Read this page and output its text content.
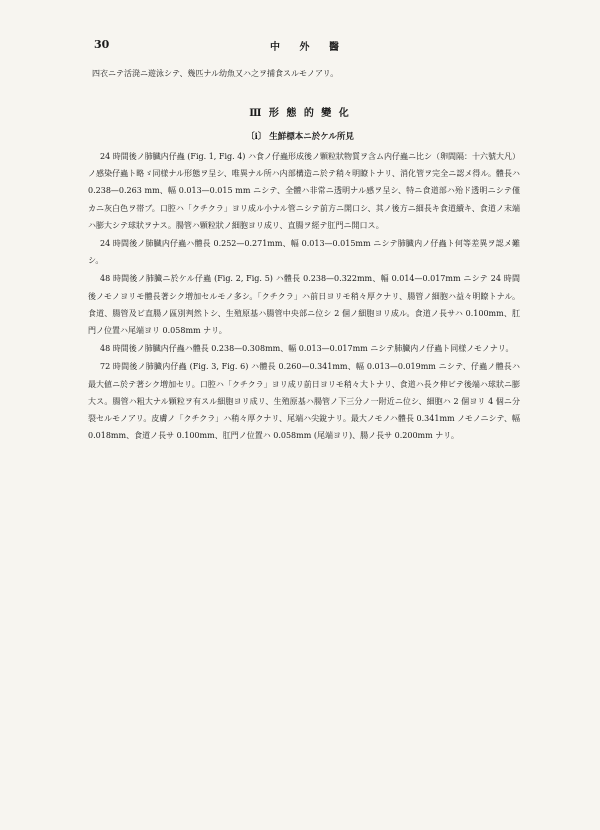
30	中 外 醫
四衣ニテ活溌ニ遊泳シテ、幾匹ナル幼魚又ハ之ヲ捕食スルモノアリ。
Ⅲ 形 態 的 變 化
〔i〕 生鮮標本ニ於ケル所見

24 時間後ノ肺臓内仔蟲 (Fig. 1, Fig. 4) ハ食ノ仔蟲形成後ノ顆粒狀物質ヲ含ム内仔蟲ニ比シ（卵間隔：十六號大凡）ノ感染仔蟲ト略ゞ同様ナル形態ヲ呈シ、唯異ナル所ハ内部構造ニ於テ稍々明瞭トナリ、消化管ヲ完全ニ認メ得ル。體長ハ 0.238—0.263 mm、幅 0.013—0.015 mm ニシテ、全體ハ非常ニ透明ナル感ヲ呈シ、特ニ食道部ハ殆ド透明ニシテ僅カニ灰白色ヲ帯ブ。口腔ハ「クチクラ」ヨリ成ル小ナル管ニシテ前方ニ開口シ、其ノ後方ニ細長キ食道續キ、食道ノ末端ハ膨大シテ球狀ヲナス。腸管ハ顆粒狀ノ細胞ヨリ成リ、直腸ヲ經テ肛門ニ開口ス。

24 時間後ノ肺臓内仔蟲ハ體長 0.252—0.271mm、幅 0.013—0.015mm ニシテ肺臓内ノ仔蟲ト何等差異ヲ認メ難シ。

48 時間後ノ肺臓ニ於ケル仔蟲 (Fig. 2, Fig. 5) ハ體長 0.238—0.322mm、幅 0.014—0.017mm ニシテ 24 時間後ノモノヨリモ體長著シク増加セルモノ多シ。「クチクラ」ハ前日ヨリモ稍々厚クナリ、腸管ノ細胞ハ益々明瞭トナル。食道、腸管及ビ直腸ノ區別判然トシ、生殖原基ハ腸管中央部ニ位シ 2 個ノ細胞ヨリ成ル。食道ノ長サハ 0.100mm、肛門ノ位置ハ尾端ヨリ 0.058mm ナリ。

48 時間後ノ肺臓内仔蟲ハ體長 0.238—0.308mm、幅 0.013—0.017mm ニシテ肺臓内ノ仔蟲ト同様ノモノナリ。

72 時間後ノ肺臓内仔蟲 (Fig. 3, Fig. 6) ハ體長 0.260—0.341mm、幅 0.013—0.019mm ニシテ、仔蟲ノ體長ハ最大値ニ於テ著シク増加セリ。口腔ハ「クチクラ」ヨリ成リ前日ヨリモ稍々大トナリ、食道ハ長ク伸ビテ後端ハ球狀ニ膨大ス。腸管ハ粗大ナル顆粒ヲ有スル細胞ヨリ成リ、生殖原基ハ腸管ノ下三分ノ一附近ニ位シ、細胞ハ 2 個ヨリ 4 個ニ分裂セルモノアリ。皮膚ノ「クチクラ」ハ稍々厚クナリ、尾端ハ尖銳ナリ。最大ノモノハ體長 0.341mm ノモノニシテ、幅 0.018mm、食道ノ長サ 0.100mm、肛門ノ位置ハ 0.058mm (尾端ヨリ)、腸ノ長サ 0.200mm ナリ。
